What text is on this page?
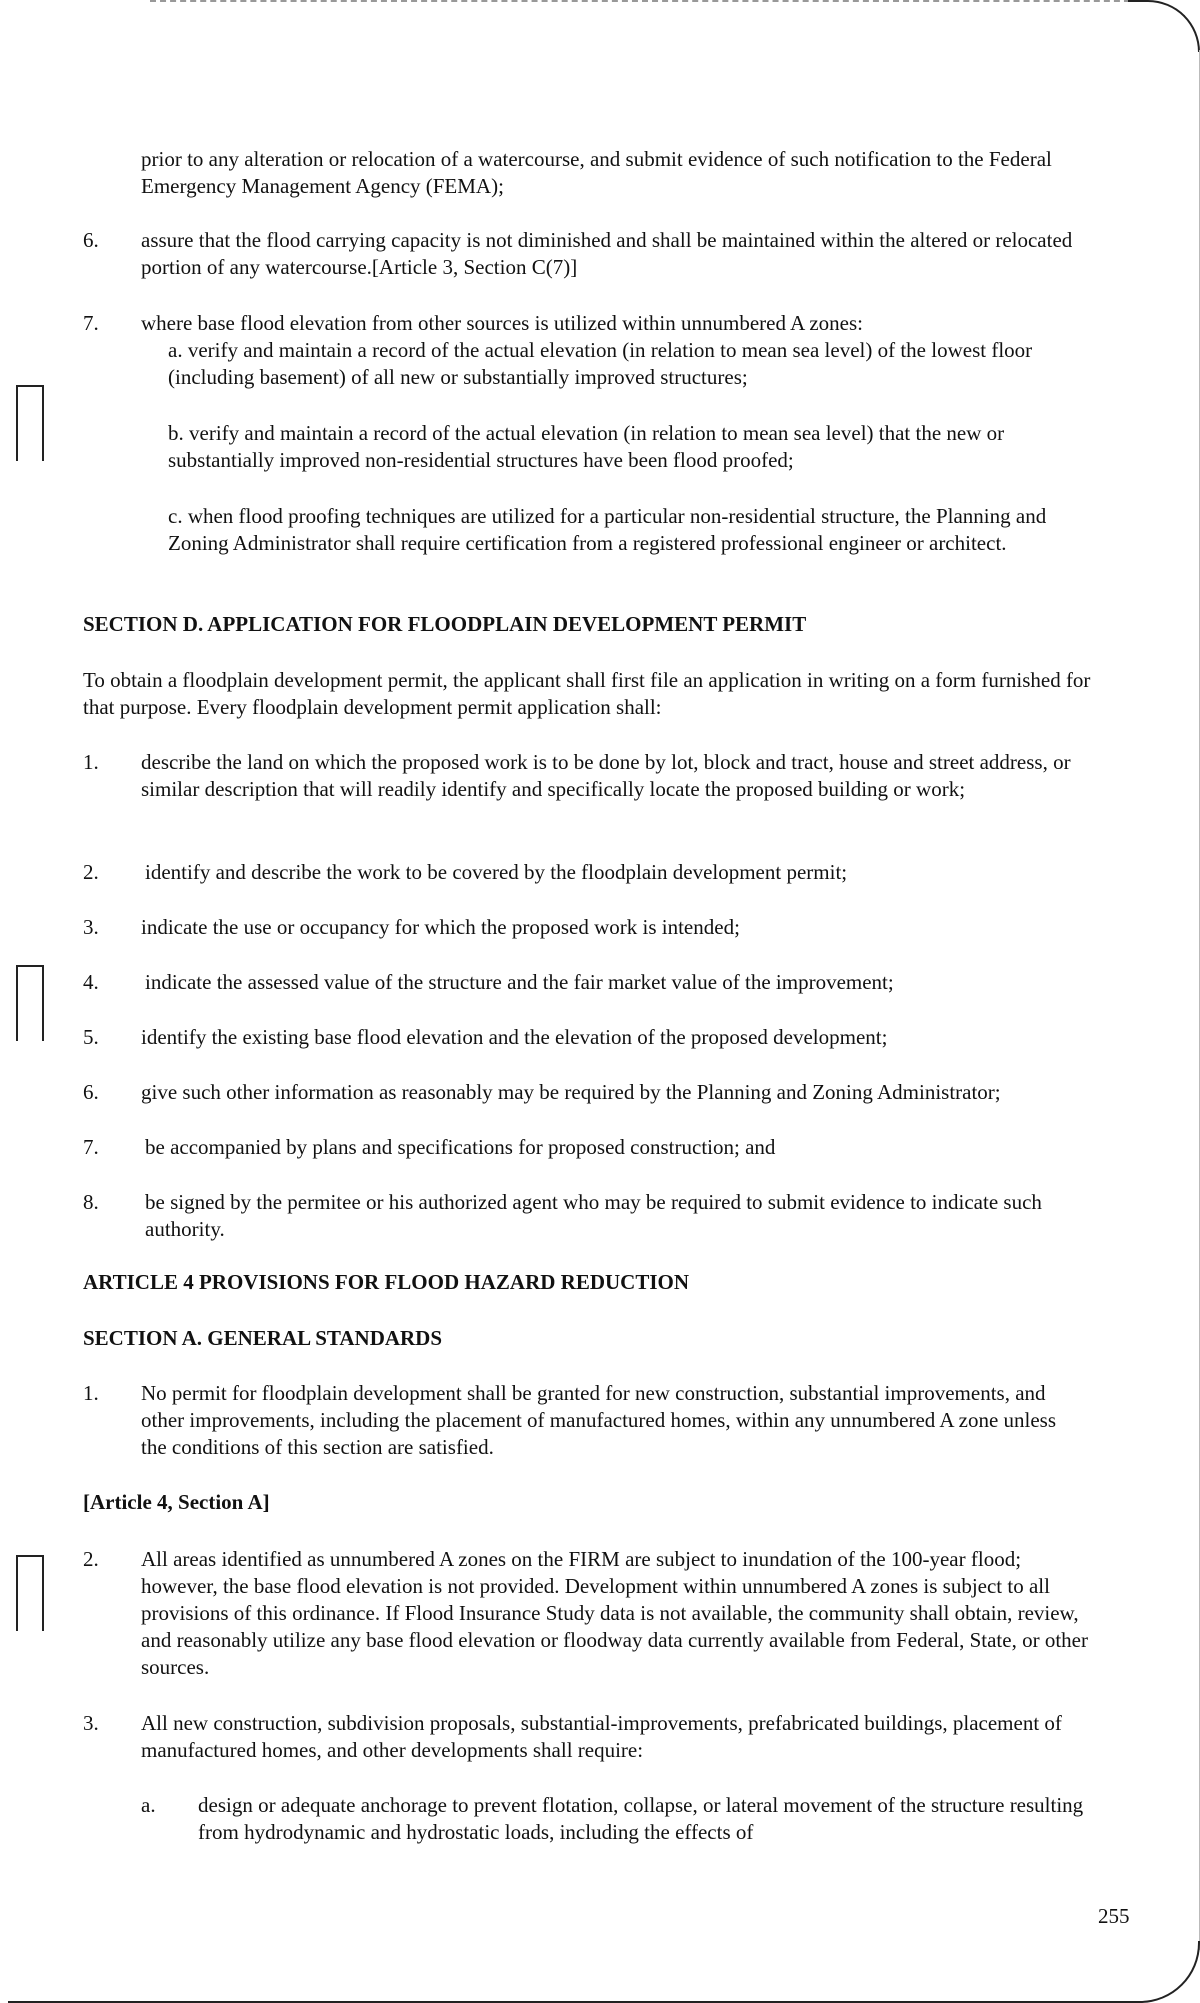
prior to any alteration or relocation of a watercourse, and submit evidence of such notification to the Federal Emergency Management Agency (FEMA);
6. assure that the flood carrying capacity is not diminished and shall be maintained within the altered or relocated portion of any watercourse.[Article 3, Section C(7)]
7. where base flood elevation from other sources is utilized within unnumbered A zones:
a. verify and maintain a record of the actual elevation (in relation to mean sea level) of the lowest floor (including basement) of all new or substantially improved structures;
b. verify and maintain a record of the actual elevation (in relation to mean sea level) that the new or substantially improved non-residential structures have been flood proofed;
c. when flood proofing techniques are utilized for a particular non-residential structure, the Planning and Zoning Administrator shall require certification from a registered professional engineer or architect.
SECTION D. APPLICATION FOR FLOODPLAIN DEVELOPMENT PERMIT
To obtain a floodplain development permit, the applicant shall first file an application in writing on a form furnished for that purpose. Every floodplain development permit application shall:
1. describe the land on which the proposed work is to be done by lot, block and tract, house and street address, or similar description that will readily identify and specifically locate the proposed building or work;
2. identify and describe the work to be covered by the floodplain development permit;
3. indicate the use or occupancy for which the proposed work is intended;
4. indicate the assessed value of the structure and the fair market value of the improvement;
5. identify the existing base flood elevation and the elevation of the proposed development;
6. give such other information as reasonably may be required by the Planning and Zoning Administrator;
7. be accompanied by plans and specifications for proposed construction; and
8. be signed by the permitee or his authorized agent who may be required to submit evidence to indicate such authority.
ARTICLE 4 PROVISIONS FOR FLOOD HAZARD REDUCTION
SECTION A. GENERAL STANDARDS
1. No permit for floodplain development shall be granted for new construction, substantial improvements, and other improvements, including the placement of manufactured homes, within any unnumbered A zone unless the conditions of this section are satisfied.
[Article 4, Section A]
2. All areas identified as unnumbered A zones on the FIRM are subject to inundation of the 100-year flood; however, the base flood elevation is not provided. Development within unnumbered A zones is subject to all provisions of this ordinance. If Flood Insurance Study data is not available, the community shall obtain, review, and reasonably utilize any base flood elevation or floodway data currently available from Federal, State, or other sources.
3. All new construction, subdivision proposals, substantial-improvements, prefabricated buildings, placement of manufactured homes, and other developments shall require:
a. design or adequate anchorage to prevent flotation, collapse, or lateral movement of the structure resulting from hydrodynamic and hydrostatic loads, including the effects of
255
